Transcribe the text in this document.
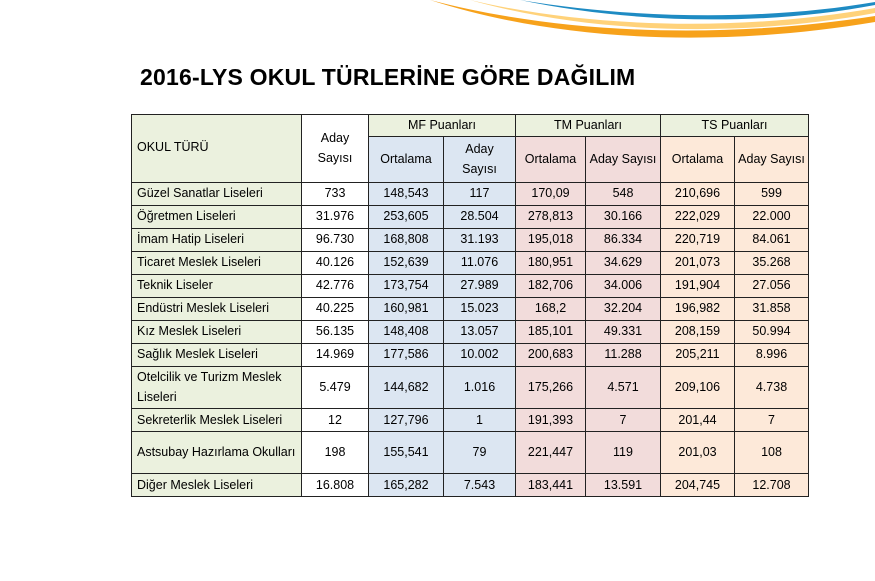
2016-LYS OKUL TÜRLERİNE GÖRE DAĞILIM
OKUL TÜRÜ	Aday Sayısı	MF Puanları		TM Puanları		TS Puanları	
		Ortalama	Aday Sayısı	Ortalama	Aday Sayısı	Ortalama	Aday Sayısı
Güzel Sanatlar Liseleri	733	148,543	117	170,09	548	210,696	599
Öğretmen Liseleri	31.976	253,605	28.504	278,813	30.166	222,029	22.000
İmam Hatip Liseleri	96.730	168,808	31.193	195,018	86.334	220,719	84.061
Ticaret Meslek Liseleri	40.126	152,639	11.076	180,951	34.629	201,073	35.268
Teknik Liseler	42.776	173,754	27.989	182,706	34.006	191,904	27.056
Endüstri Meslek Liseleri	40.225	160,981	15.023	168,2	32.204	196,982	31.858
Kız Meslek Liseleri	56.135	148,408	13.057	185,101	49.331	208,159	50.994
Sağlık Meslek Liseleri	14.969	177,586	10.002	200,683	11.288	205,211	8.996
Otelcilik ve Turizm Meslek Liseleri	5.479	144,682	1.016	175,266	4.571	209,106	4.738
Sekreterlik Meslek Liseleri	12	127,796	1	191,393	7	201,44	7
Astsubay Hazırlama Okulları	198	155,541	79	221,447	119	201,03	108
Diğer Meslek Liseleri	16.808	165,282	7.543	183,441	13.591	204,745	12.708
